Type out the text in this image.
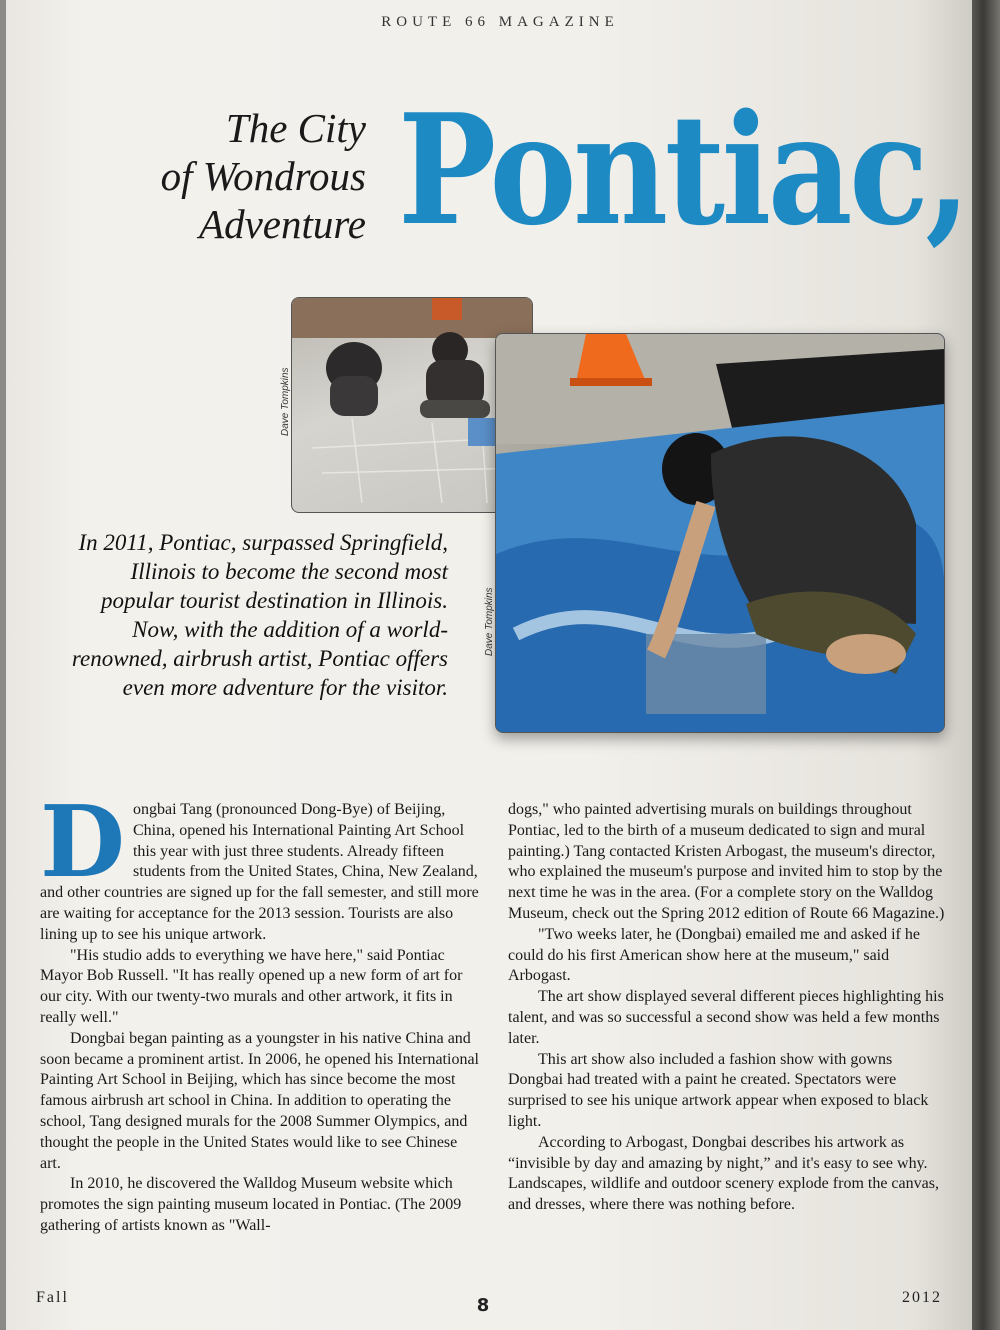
ROUTE 66 MAGAZINE
The City
of Wondrous
Adventure Pontiac,
Dave Tompkins
Dave Tompkins
In 2011, Pontiac, surpassed Springfield, Illinois to become the second most popular tourist destination in Illinois. Now, with the addition of a world-renowned, airbrush artist, Pontiac offers even more adventure for the visitor.

Dongbai Tang (pronounced Dong-Bye) of Beijing, China, opened his International Painting Art School this year with just three students. Already fifteen students from the United States, China, New Zealand, and other countries are signed up for the fall semester, and still more are waiting for acceptance for the 2013 session. Tourists are also lining up to see his unique artwork.

"His studio adds to everything we have here," said Pontiac Mayor Bob Russell. "It has really opened up a new form of art for our city. With our twenty-two murals and other artwork, it fits in really well."

Dongbai began painting as a youngster in his native China and soon became a prominent artist. In 2006, he opened his International Painting Art School in Beijing, which has since become the most famous airbrush art school in China. In addition to operating the school, Tang designed murals for the 2008 Summer Olympics, and thought the people in the United States would like to see Chinese art.

In 2010, he discovered the Walldog Museum website which promotes the sign painting museum located in Pontiac. (The 2009 gathering of artists known as "Wall-

dogs," who painted advertising murals on buildings throughout Pontiac, led to the birth of a museum dedicated to sign and mural painting.) Tang contacted Kristen Arbogast, the museum's director, who explained the museum's purpose and invited him to stop by the next time he was in the area. (For a complete story on the Walldog Museum, check out the Spring 2012 edition of Route 66 Magazine.)

"Two weeks later, he (Dongbai) emailed me and asked if he could do his first American show here at the museum," said Arbogast.

The art show displayed several different pieces highlighting his talent, and was so successful a second show was held a few months later.

This art show also included a fashion show with gowns Dongbai had treated with a paint he created. Spectators were surprised to see his unique artwork appear when exposed to black light.

According to Arbogast, Dongbai describes his artwork as “invisible by day and amazing by night,” and it's easy to see why. Landscapes, wildlife and outdoor scenery explode from the canvas, and dresses, where there was nothing before.

Fall	8	2012
